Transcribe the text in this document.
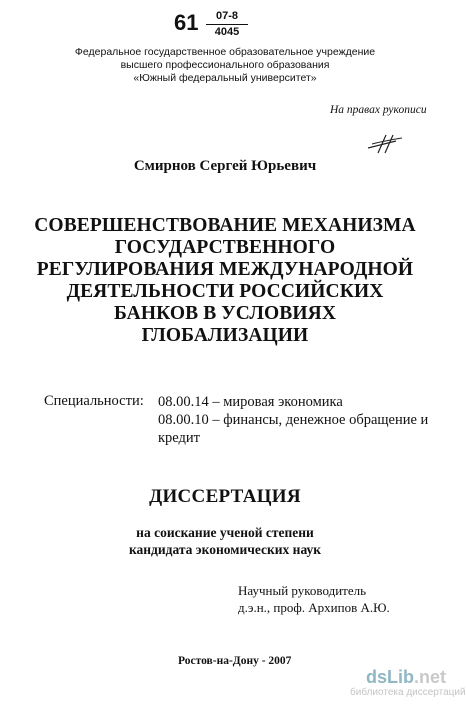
61	07-8
4045
Федеральное государственное образовательное учреждение
высшего профессионального образования
«Южный федеральный университет»
На правах рукописи
Смирнов Сергей Юрьевич
СОВЕРШЕНСТВОВАНИЕ МЕХАНИЗМА
ГОСУДАРСТВЕННОГО
РЕГУЛИРОВАНИЯ МЕЖДУНАРОДНОЙ
ДЕЯТЕЛЬНОСТИ РОССИЙСКИХ
БАНКОВ В УСЛОВИЯХ
ГЛОБАЛИЗАЦИИ
Специальности: 08.00.14 – мировая экономика
08.00.10 – финансы, денежное обращение и
кредит
ДИССЕРТАЦИЯ
на соискание ученой степени
кандидата экономических наук
Научный руководитель
д.э.н., проф. Архипов А.Ю.
Ростов-на-Дону - 2007
dsLib.net
библиотека диссертаций
